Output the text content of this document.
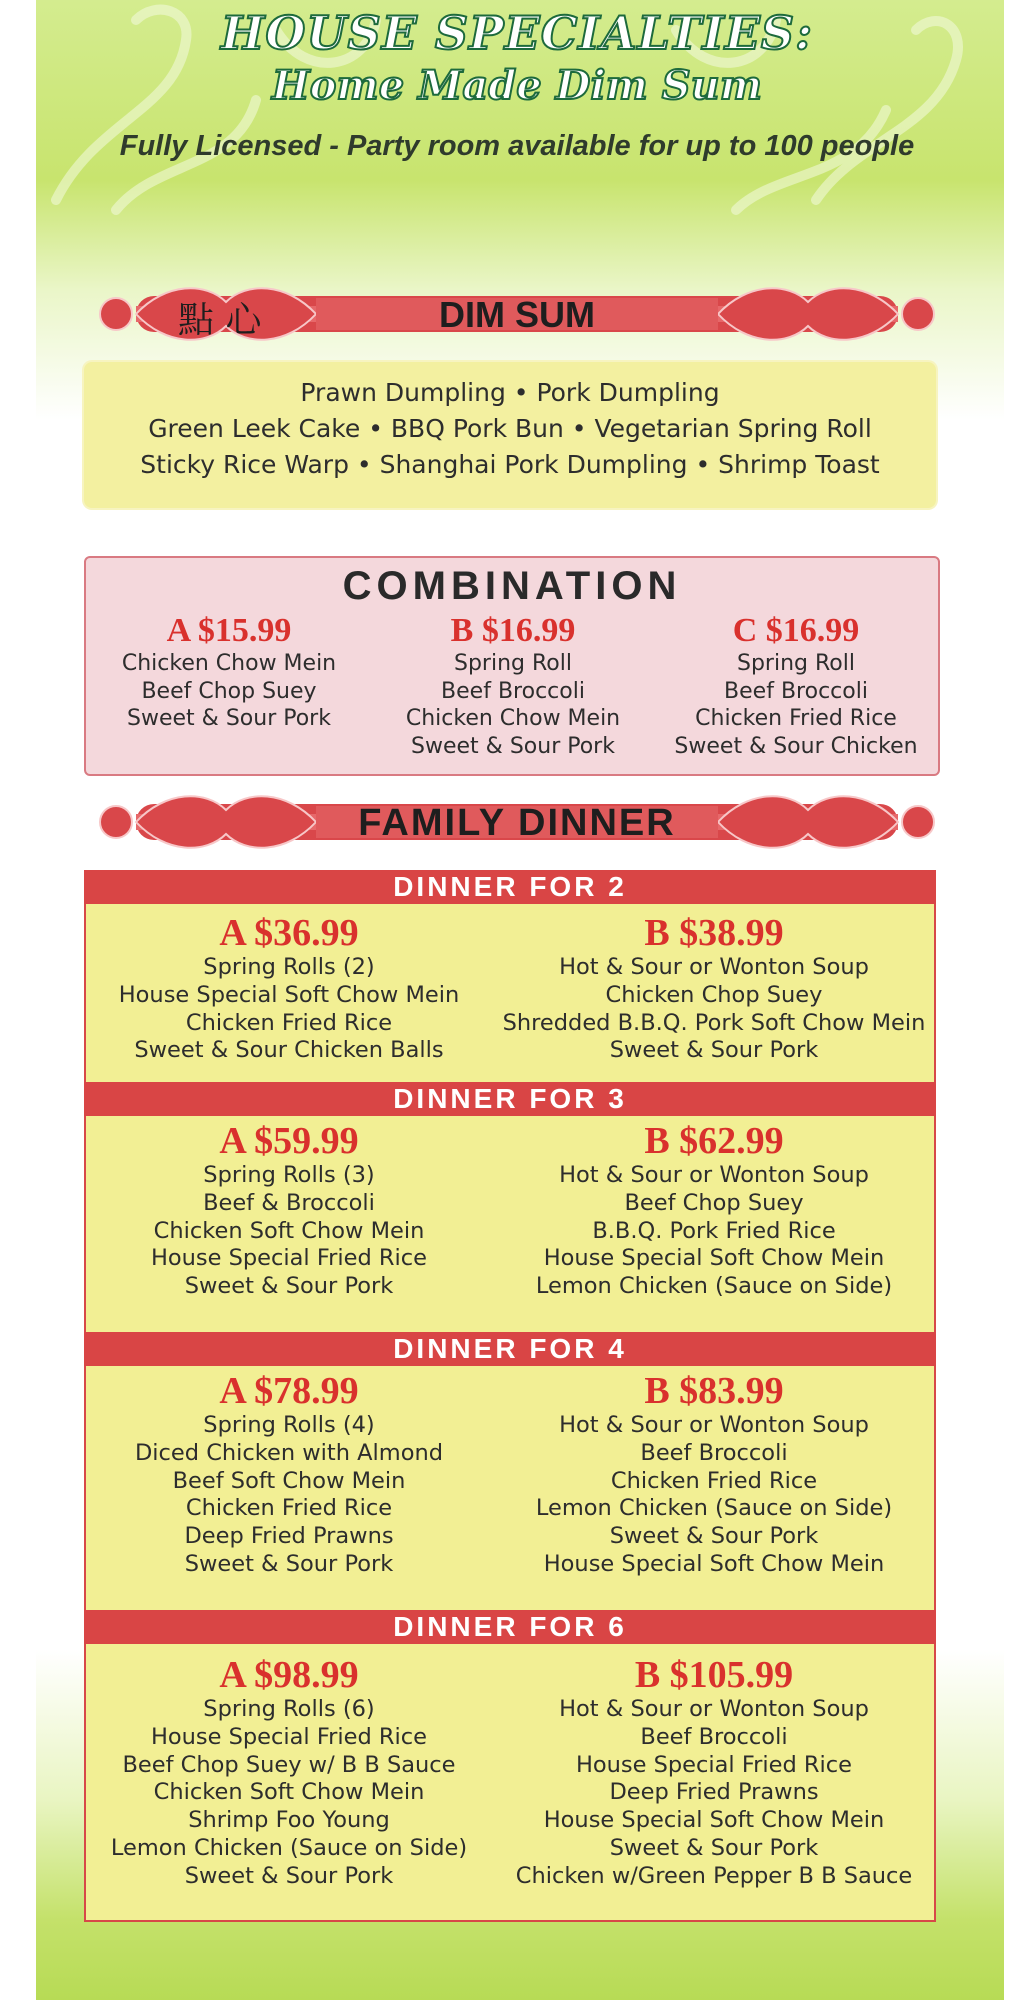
HOUSE SPECIALTIES:
Home Made Dim Sum

Fully Licensed - Party room available for up to 100 people

DIM SUM
點 心

Prawn Dumpling • Pork Dumpling

Green Leek Cake • BBQ Pork Bun • Vegetarian Spring Roll

Sticky Rice Warp • Shanghai Pork Dumpling • Shrimp Toast

COMBINATION

A $15.99

Chicken Chow Mein

Beef Chop Suey

Sweet & Sour Pork

B $16.99

Spring Roll

Beef Broccoli

Chicken Chow Mein

Sweet & Sour Pork

C $16.99

Spring Roll

Beef Broccoli

Chicken Fried Rice

Sweet & Sour Chicken

FAMILY DINNER
DINNER FOR 2

A $36.99

Spring Rolls (2)

House Special Soft Chow Mein

Chicken Fried Rice

Sweet & Sour Chicken Balls

B $38.99

Hot & Sour or Wonton Soup

Chicken Chop Suey

Shredded B.B.Q. Pork Soft Chow Mein

Sweet & Sour Pork

DINNER FOR 3

A $59.99

Spring Rolls (3)

Beef & Broccoli

Chicken Soft Chow Mein

House Special Fried Rice

Sweet & Sour Pork

B $62.99

Hot & Sour or Wonton Soup

Beef Chop Suey

B.B.Q. Pork Fried Rice

House Special Soft Chow Mein

Lemon Chicken (Sauce on Side)

DINNER FOR 4

A $78.99

Spring Rolls (4)

Diced Chicken with Almond

Beef Soft Chow Mein

Chicken Fried Rice

Deep Fried Prawns

Sweet & Sour Pork

B $83.99

Hot & Sour or Wonton Soup

Beef Broccoli

Chicken Fried Rice

Lemon Chicken (Sauce on Side)

Sweet & Sour Pork

House Special Soft Chow Mein

DINNER FOR 6

A $98.99

Spring Rolls (6)

House Special Fried Rice

Beef Chop Suey w/ B B Sauce

Chicken Soft Chow Mein

Shrimp Foo Young

Lemon Chicken (Sauce on Side)

Sweet & Sour Pork

B $105.99

Hot & Sour or Wonton Soup

Beef Broccoli

House Special Fried Rice

Deep Fried Prawns

House Special Soft Chow Mein

Sweet & Sour Pork

Chicken w/Green Pepper B B Sauce
